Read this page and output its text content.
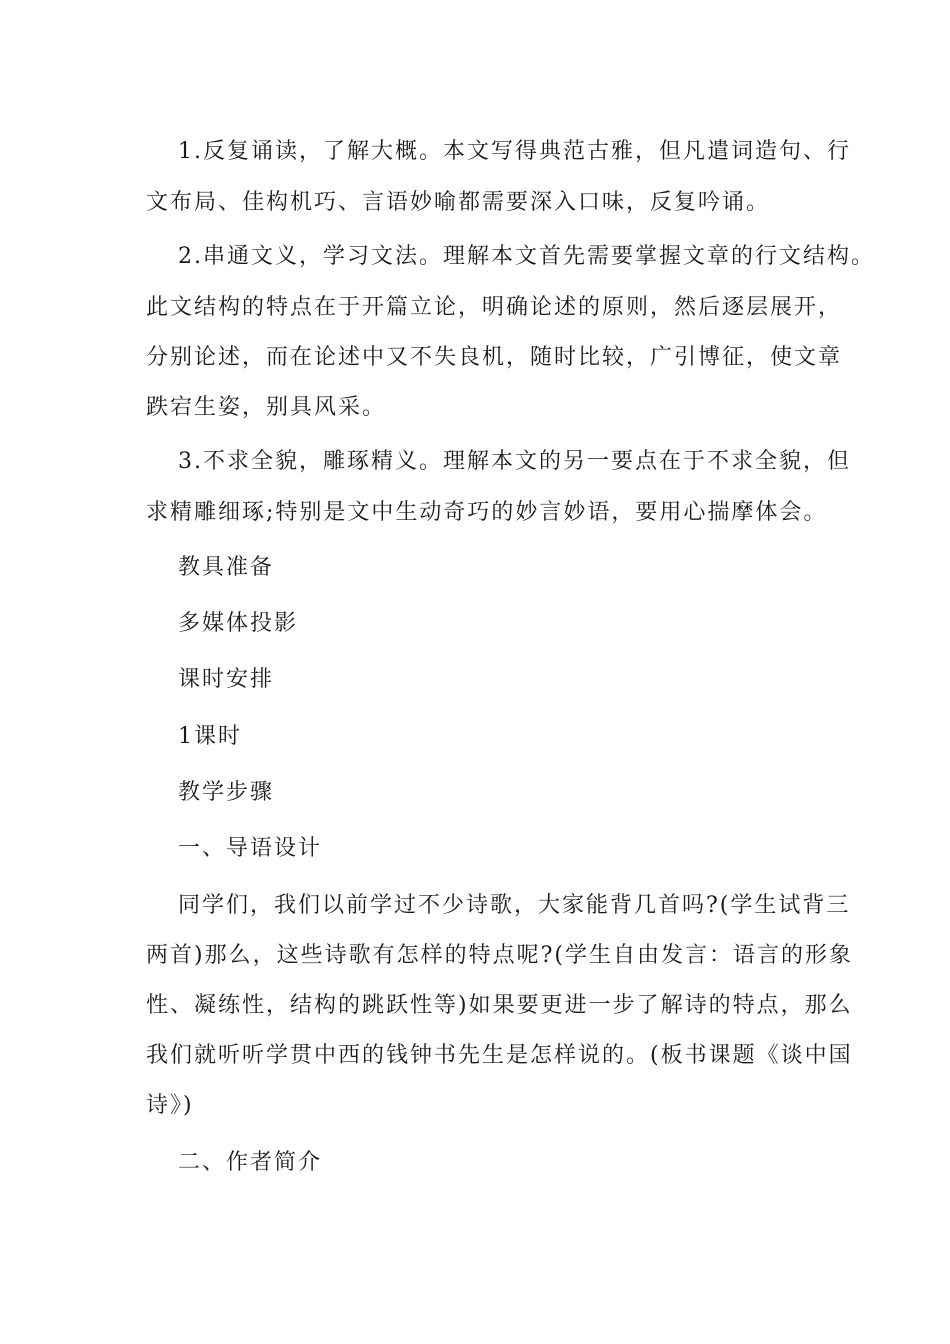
1.反复诵读，了解大概。本文写得典范古雅，但凡遣词造句、行
文布局、佳构机巧、言语妙喻都需要深入口味，反复吟诵。
2.串通文义，学习文法。理解本文首先需要掌握文章的行文结构。
此文结构的特点在于开篇立论，明确论述的原则，然后逐层展开，
分别论述，而在论述中又不失良机，随时比较，广引博征，使文章
跌宕生姿，别具风采。
3.不求全貌，雕琢精义。理解本文的另一要点在于不求全貌，但
求精雕细琢;特别是文中生动奇巧的妙言妙语，要用心揣摩体会。
教具准备
多媒体投影
课时安排
1课时
教学步骤
一、导语设计
同学们，我们以前学过不少诗歌，大家能背几首吗?(学生试背三
两首)那么，这些诗歌有怎样的特点呢?(学生自由发言：语言的形象
性、凝练性，结构的跳跃性等)如果要更进一步了解诗的特点，那么
我们就听听学贯中西的钱钟书先生是怎样说的。(板书课题《谈中国
诗》)
二、作者简介
